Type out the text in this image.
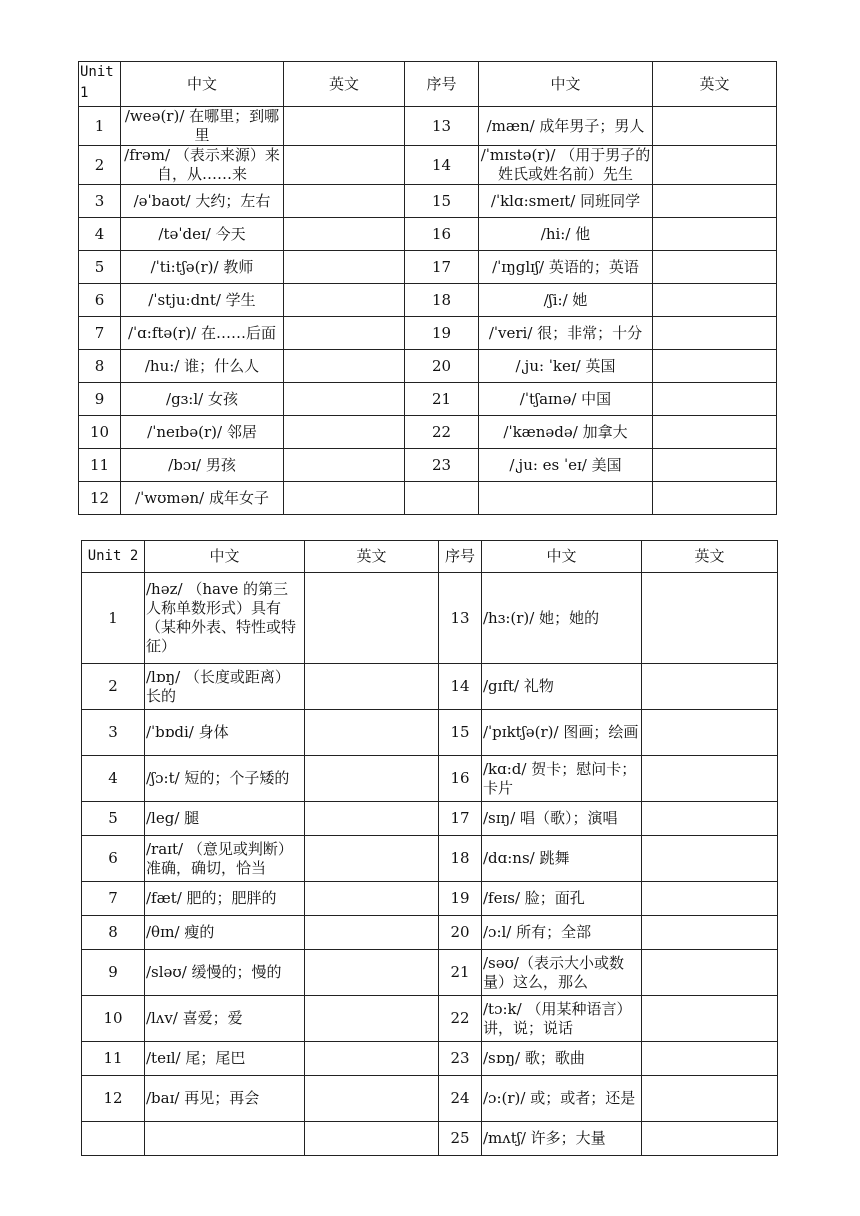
Unit 1	中文	英文	序号	中文	英文
1	/weə(r)/ 在哪里；到哪里		13	/mæn/ 成年男子；男人	
2	/frəm/ （表示来源）来自，从……来		14	/ˈmɪstə(r)/ （用于男子的姓氏或姓名前）先生	
3	/əˈbaʊt/ 大约；左右		15	/ˈklɑ:smeɪt/ 同班同学	
4	/təˈdeɪ/ 今天		16	/hi:/ 他	
5	/ˈti:tʃə(r)/ 教师		17	/ˈɪŋglɪʃ/ 英语的；英语	
6	/ˈstju:dnt/ 学生		18	/ʃi:/ 她	
7	/ˈɑ:ftə(r)/ 在……后面		19	/ˈveri/ 很；非常；十分	
8	/hu:/ 谁；什么人		20	/ˌju: ˈkeɪ/ 英国	
9	/gɜ:l/ 女孩		21	/ˈtʃaɪnə/ 中国	
10	/ˈneɪbə(r)/ 邻居		22	/ˈkænədə/ 加拿大	
11	/bɔɪ/ 男孩		23	/ˌju: es ˈeɪ/ 美国	
12	/ˈwʊmən/ 成年女子				
Unit 2	中文	英文	序号	中文	英文
1	/həz/ （have 的第三人称单数形式）具有（某种外表、特性或特征）		13	/hɜ:(r)/ 她；她的	
2	/lɒŋ/ （长度或距离）长的		14	/gɪft/ 礼物	
3	/ˈbɒdi/ 身体		15	/ˈpɪktʃə(r)/ 图画；绘画	
4	/ʃɔ:t/ 短的；个子矮的		16	/kɑ:d/ 贺卡；慰问卡；卡片	
5	/leg/ 腿		17	/sɪŋ/ 唱（歌）；演唱	
6	/raɪt/ （意见或判断）准确，确切，恰当		18	/dɑ:ns/ 跳舞	
7	/fæt/ 肥的；肥胖的		19	/feɪs/ 脸；面孔	
8	/θɪn/ 瘦的		20	/ɔ:l/ 所有；全部	
9	/sləʊ/ 缓慢的；慢的		21	/səʊ/（表示大小或数量）这么，那么	
10	/lʌv/ 喜爱；爱		22	/tɔ:k/ （用某种语言）讲，说；说话	
11	/teɪl/ 尾；尾巴		23	/sɒŋ/ 歌；歌曲	
12	/baɪ/ 再见；再会		24	/ɔ:(r)/ 或；或者；还是	
			25	/mʌtʃ/ 许多；大量	
